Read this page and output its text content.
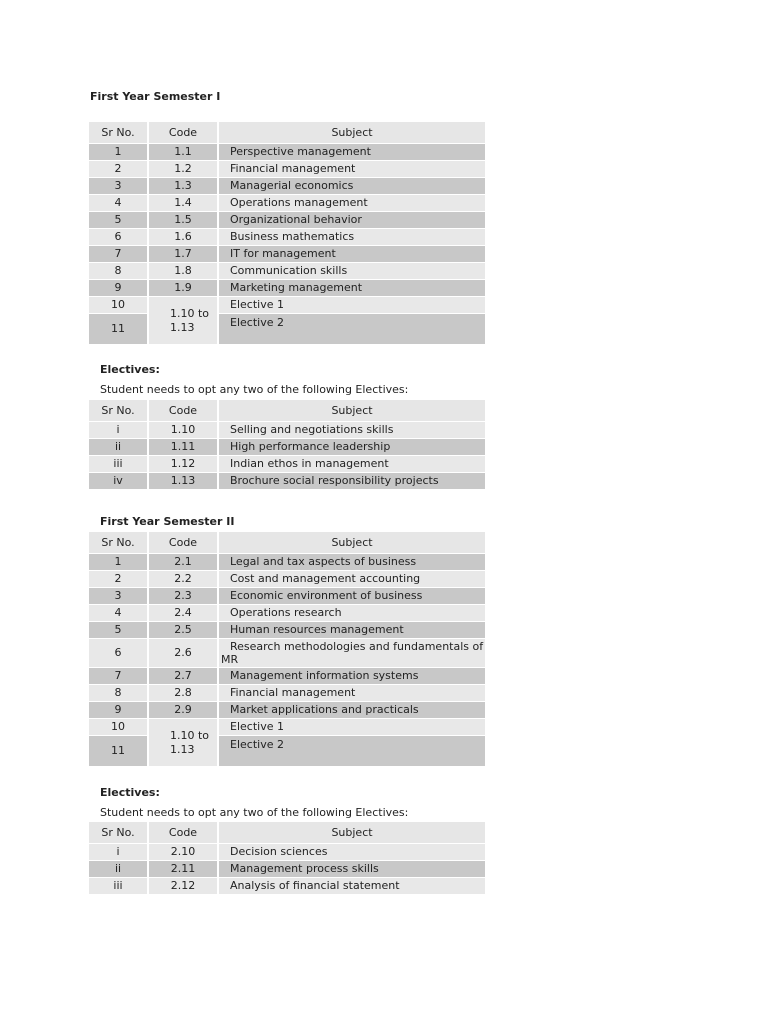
First Year Semester I
Sr No.	Code	Subject
1	1.1	Perspective management
2	1.2	Financial management
3	1.3	Managerial economics
4	1.4	Operations management
5	1.5	Organizational behavior
6	1.6	Business mathematics
7	1.7	IT for management
8	1.8	Communication skills
9	1.9	Marketing management
10	1.10 to 1.13	Elective 1
11		Elective 2
Electives:
Student needs to opt any two of the following Electives:
Sr No.	Code	Subject
i	1.10	Selling and negotiations skills
ii	1.11	High performance leadership
iii	1.12	Indian ethos in management
iv	1.13	Brochure social responsibility projects
First Year Semester II
Sr No.	Code	Subject
1	2.1	Legal and tax aspects of business
2	2.2	Cost and management accounting
3	2.3	Economic environment of business
4	2.4	Operations research
5	2.5	Human resources management
6	2.6	Research methodologies and fundamentals of MR
7	2.7	Management information systems
8	2.8	Financial management
9	2.9	Market applications and practicals
10	1.10 to 1.13	Elective 1
11		Elective 2
Electives:
Student needs to opt any two of the following Electives:
Sr No.	Code	Subject
i	2.10	Decision sciences
ii	2.11	Management process skills
iii	2.12	Analysis of financial statement
